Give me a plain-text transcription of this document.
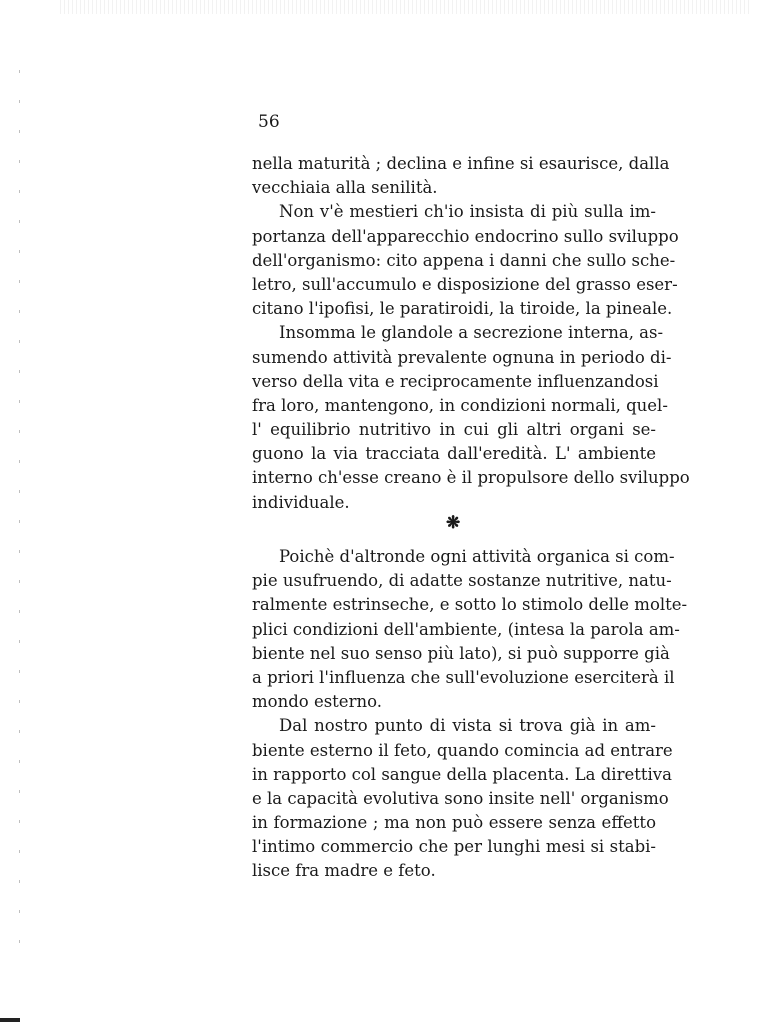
56
nella maturità ; declina e infine si esaurisce, dalla
vecchiaia alla senilità.
Non v'è mestieri ch'io insista di più sulla im-
portanza dell'apparecchio endocrino sullo sviluppo
dell'organismo: cito appena i danni che sullo sche-
letro, sull'accumulo e disposizione del grasso eser-
citano l'ipofisi, le paratiroidi, la tiroide, la pineale.
Insomma le glandole a secrezione interna, as-
sumendo attività prevalente ognuna in periodo di-
verso della vita e reciprocamente influenzandosi
fra loro, mantengono, in condizioni normali, quel-
l' equilibrio nutritivo in cui gli altri organi se-
guono la via tracciata dall'eredità. L' ambiente
interno ch'esse creano è il propulsore dello sviluppo
individuale.
❋
Poichè d'altronde ogni attività organica si com-
pie usufruendo, di adatte sostanze nutritive, natu-
ralmente estrinseche, e sotto lo stimolo delle molte-
plici condizioni dell'ambiente, (intesa la parola am-
biente nel suo senso più lato), si può supporre già
a priori l'influenza che sull'evoluzione eserciterà il
mondo esterno.
Dal nostro punto di vista si trova già in am-
biente esterno il feto, quando comincia ad entrare
in rapporto col sangue della placenta. La direttiva
e la capacità evolutiva sono insite nell' organismo
in formazione ; ma non può essere senza effetto
l'intimo commercio che per lunghi mesi si stabi-
lisce fra madre e feto.
